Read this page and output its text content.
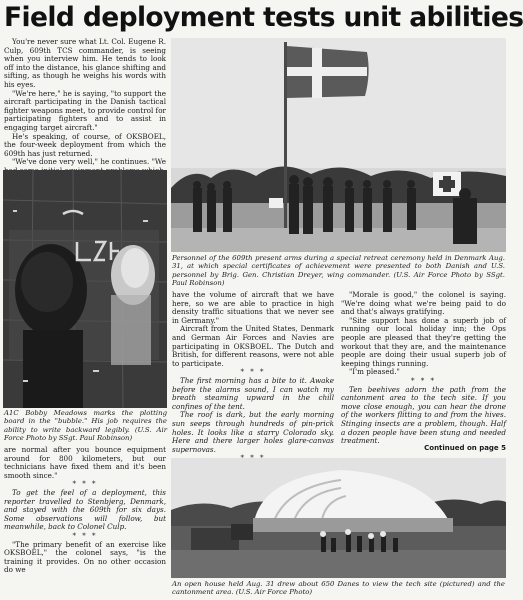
Field deployment tests unit abilities

You're never sure what Lt. Col. Eugene R. Culp, 609th TCS commander, is seeing when you interview him. He tends to look off into the distance, his glance shifting and sifting, as though he weighs his words with his eyes.

"We're here," he is saying, "to support the aircraft participating in the Danish tactical fighter weapons meet, to provide control for participating fighters and to assist in engaging target aircraft."

He's speaking, of course, of OKSBOEL, the four-week deployment from which the 609th has just returned.

"We've done very well," he continues. "We

A1C Bobby Meadows marks the plotting board in the "bubble." His job requires the ability to write backward legibly. (U.S. Air Force Photo by SSgt. Paul Robinson)

are normal after you bounce equipment around for 800 kilometers, but our technicians have fixed them and it's been smooth since."

* * *

To get the feel of a deployment, this reporter travelled to Stenbjerg, Denmark, and stayed with the 609th for six days. Some observations will follow, but meanwhile, back to Colonel Culp.

* * *

"The primary benefit of an exercise like OKSBOEL," the colonel says, "is the training it provides. On no other occasion do we

Personnel of the 609th present arms during a special retreat ceremony held in Denmark Aug. 31, at which special certificates of achievement were presented to both Danish and U.S. personnel by Brig. Gen. Christian Dreyer, wing commander. (U.S. Air Force Photo by SSgt. Paul Robinson)

have the volume of aircraft that we have here, so we are able to practice in high density traffic situations that we never see in Germany."

Aircraft from the United States, Denmark and German Air Forces and Navies are participating in OKSBOEL. The Dutch and British, for different reasons, were not able to participate.

* * *

The first morning has a bite to it. Awake before the alarms sound, I can watch my breath steaming upward in the chill confines of the tent.

The roof is dark, but the early morning sun seeps through hundreds of pin-prick holes. It looks like a starry Colorado sky. Here and there larger holes glare-canvas supernovas.

"Morale is good," the colonel is saying. "We're doing what we're being paid to do and that's always gratifying.

"Site support has done a superb job of running our local holiday inn; the Ops people are pleased that they're getting the workout that they are, and the maintenance people are doing their usual superb job of keeping things running.

"I'm pleased."

* * *

Ten beehives adorn the path from the cantonment area to the tech site. If you move close enough, you can hear the drone of the workers flitting to and from the hives. Stinging insects are a problem, though. Half a dozen people have been stung and needed treatment.

Continued on page 5
An open house held Aug. 31 drew about 650 Danes to view the tech site (pictured) and the cantonment area. (U.S. Air Force Photo)
